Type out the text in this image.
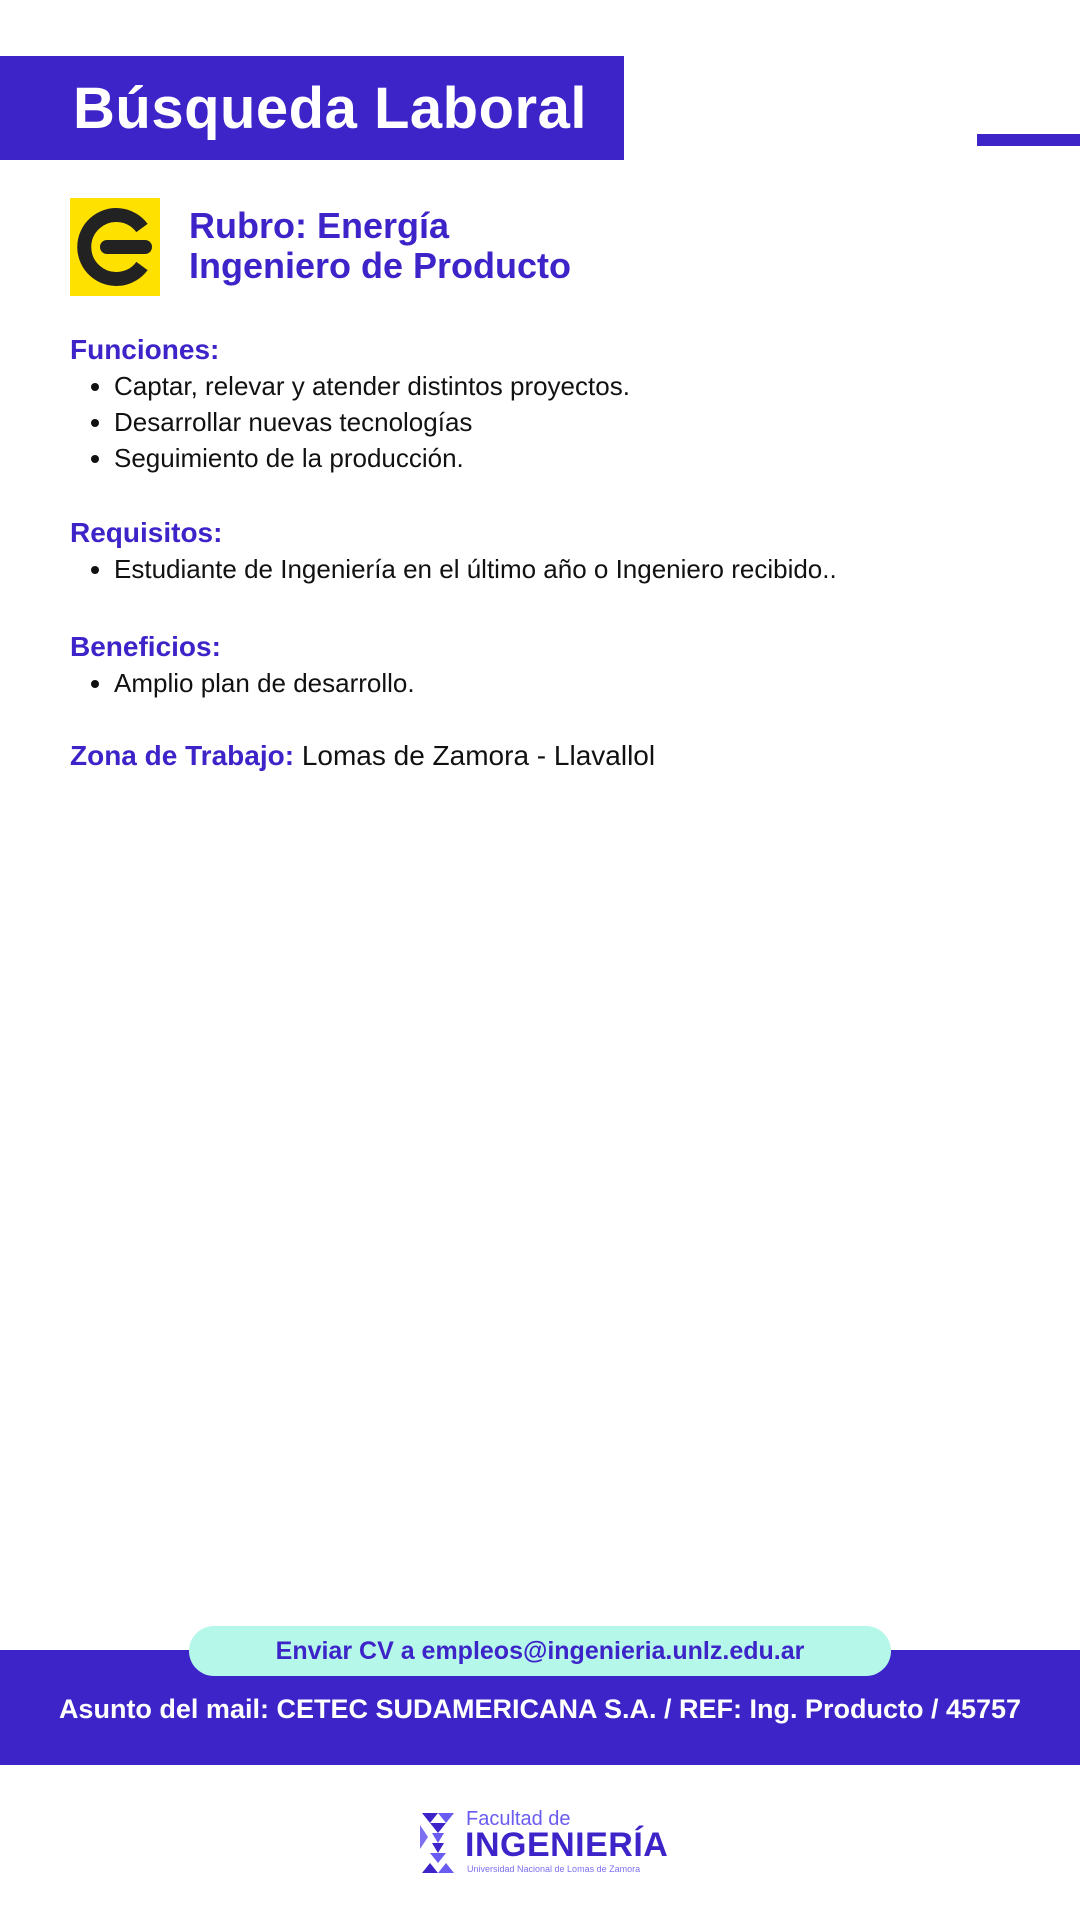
Búsqueda Laboral
Rubro: Energía
Ingeniero de Producto
Funciones:
• Captar, relevar y atender distintos proyectos.
• Desarrollar nuevas tecnologías
• Seguimiento de la producción.
Requisitos:
• Estudiante de Ingeniería en el último año o Ingeniero recibido..
Beneficios:
• Amplio plan de desarrollo.
Zona de Trabajo: Lomas de Zamora - Llavallol
Asunto del mail: CETEC SUDAMERICANA S.A. / REF: Ing. Producto / 45757
Enviar CV a empleos@ingenieria.unlz.edu.ar
Facultad de
INGENIERÍA
Universidad Nacional de Lomas de Zamora
